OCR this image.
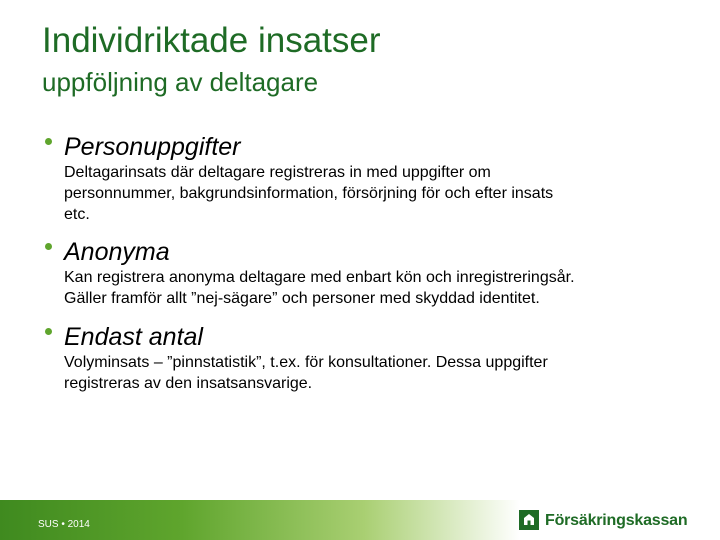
Individriktade insatser
uppföljning av deltagare
Personuppgifter

Deltagarinsats där deltagare registreras in med uppgifter om
personnummer, bakgrundsinformation, försörjning för och efter insats
etc.

Anonyma

Kan registrera anonyma deltagare med enbart kön och inregistreringsår.
Gäller framför allt ”nej-sägare” och personer med skyddad identitet.

Endast antal

Volyminsats – ”pinnstatistik”, t.ex. för konsultationer. Dessa uppgifter
registreras av den insatsansvarige.

SUS • 2014	Försäkringskassan
